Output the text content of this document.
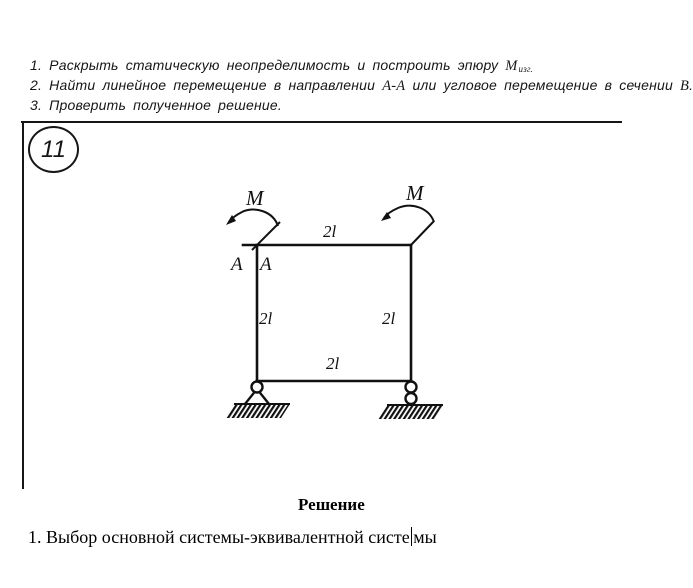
1. Раскрыть статическую неопределимость и построить эпюру Mизг.
2. Найти линейное перемещение в направлении А-А или угловое перемещение в сечении В.
3. Проверить полученное решение.
11
M	M
2l
2l	2l
2l
A A
Решение
1. Выбор основной системы-эквивалентной систе мы
